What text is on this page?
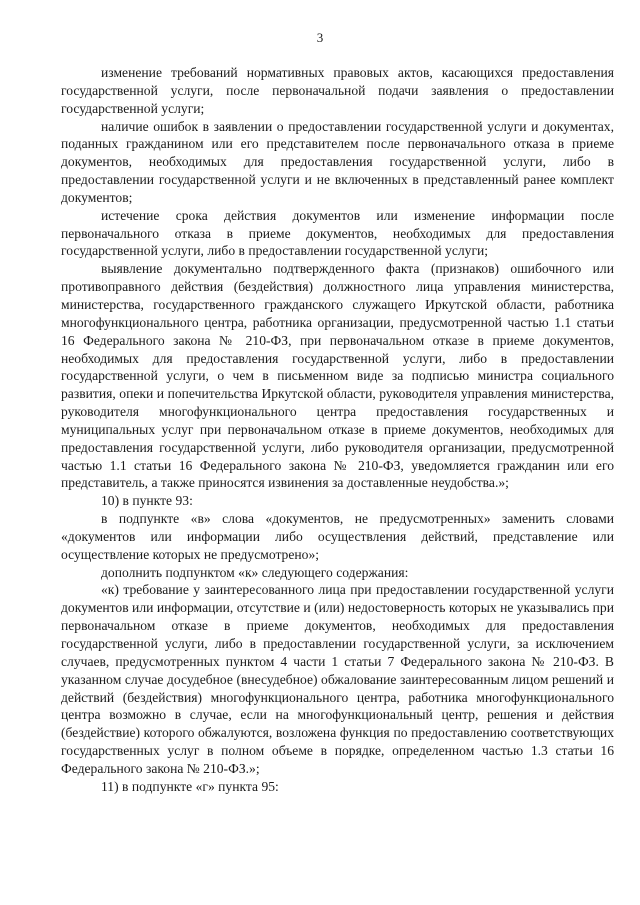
3

изменение требований нормативных правовых актов, касающихся предоставления государственной услуги, после первоначальной подачи заявления о предоставлении государственной услуги;

наличие ошибок в заявлении о предоставлении государственной услуги и документах, поданных гражданином или его представителем после первоначального отказа в приеме документов, необходимых для предоставления государственной услуги, либо в предоставлении государственной услуги и не включенных в представленный ранее комплект документов;

истечение срока действия документов или изменение информации после первоначального отказа в приеме документов, необходимых для предоставления государственной услуги, либо в предоставлении государственной услуги;

выявление документально подтвержденного факта (признаков) ошибочного или противоправного действия (бездействия) должностного лица управления министерства, министерства, государственного гражданского служащего Иркутской области, работника многофункционального центра, работника организации, предусмотренной частью 1.1 статьи 16 Федерального закона № 210-ФЗ, при первоначальном отказе в приеме документов, необходимых для предоставления государственной услуги, либо в предоставлении государственной услуги, о чем в письменном виде за подписью министра социального развития, опеки и попечительства Иркутской области, руководителя управления министерства, руководителя многофункционального центра предоставления государственных и муниципальных услуг при первоначальном отказе в приеме документов, необходимых для предоставления государственной услуги, либо руководителя организации, предусмотренной частью 1.1 статьи 16 Федерального закона № 210-ФЗ, уведомляется гражданин или его представитель, а также приносятся извинения за доставленные неудобства.»;

10) в пункте 93:

в подпункте «в» слова «документов, не предусмотренных» заменить словами «документов или информации либо осуществления действий, представление или осуществление которых не предусмотрено»;

дополнить подпунктом «к» следующего содержания:

«к) требование у заинтересованного лица при предоставлении государственной услуги документов или информации, отсутствие и (или) недостоверность которых не указывались при первоначальном отказе в приеме документов, необходимых для предоставления государственной услуги, либо в предоставлении государственной услуги, за исключением случаев, предусмотренных пунктом 4 части 1 статьи 7 Федерального закона № 210-ФЗ. В указанном случае досудебное (внесудебное) обжалование заинтересованным лицом решений и действий (бездействия) многофункционального центра, работника многофункционального центра возможно в случае, если на многофункциональный центр, решения и действия (бездействие) которого обжалуются, возложена функция по предоставлению соответствующих государственных услуг в полном объеме в порядке, определенном частью 1.3 статьи 16 Федерального закона № 210-ФЗ.»;

11) в подпункте «г» пункта 95:
